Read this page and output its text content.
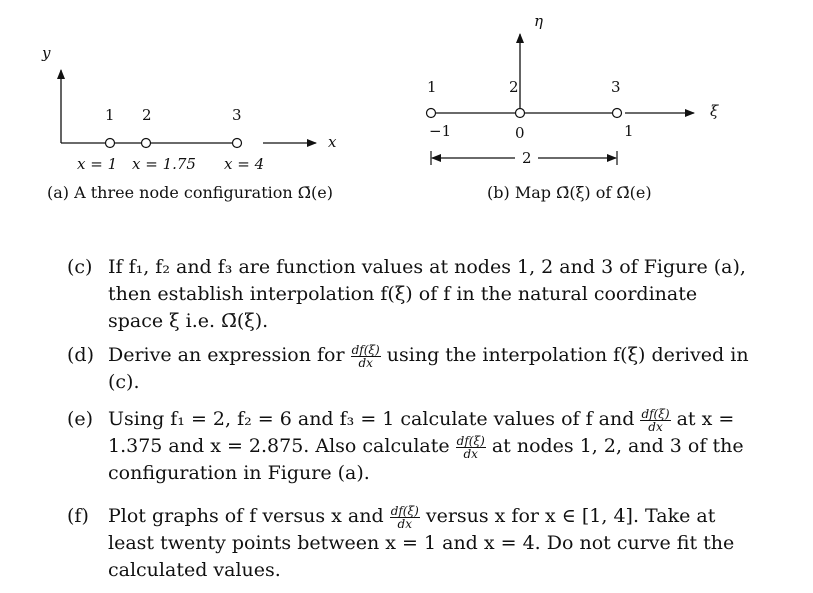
y
x
1 2	3
x = 1 x = 1.75 x = 4
(a) A three node configuration Ω̄(e)
η
ξ
1	2	3
−1	0	1
2
(b) Map Ω̄(ξ) of Ω̄(e)
(c) If f₁, f₂ and f₃ are function values at nodes 1, 2 and 3 of Figure (a), then establish interpolation f(ξ) of f in the natural coordinate space ξ i.e. Ω̄(ξ).
(d) Derive an expression for $\frac{df(\xi)}{dx}$ using the interpolation f(ξ) derived in (c).
(e) Using f₁ = 2, f₂ = 6 and f₃ = 1 calculate values of f and $\frac{df(\xi)}{dx}$ at x = 1.375 and x = 2.875. Also calculate $\frac{df(\xi)}{dx}$ at nodes 1, 2, and 3 of the configuration in Figure (a).
(f) Plot graphs of f versus x and $\frac{df(\xi)}{dx}$ versus x for x ∈ [1, 4]. Take at least twenty points between x = 1 and x = 4. Do not curve fit the calculated values.
